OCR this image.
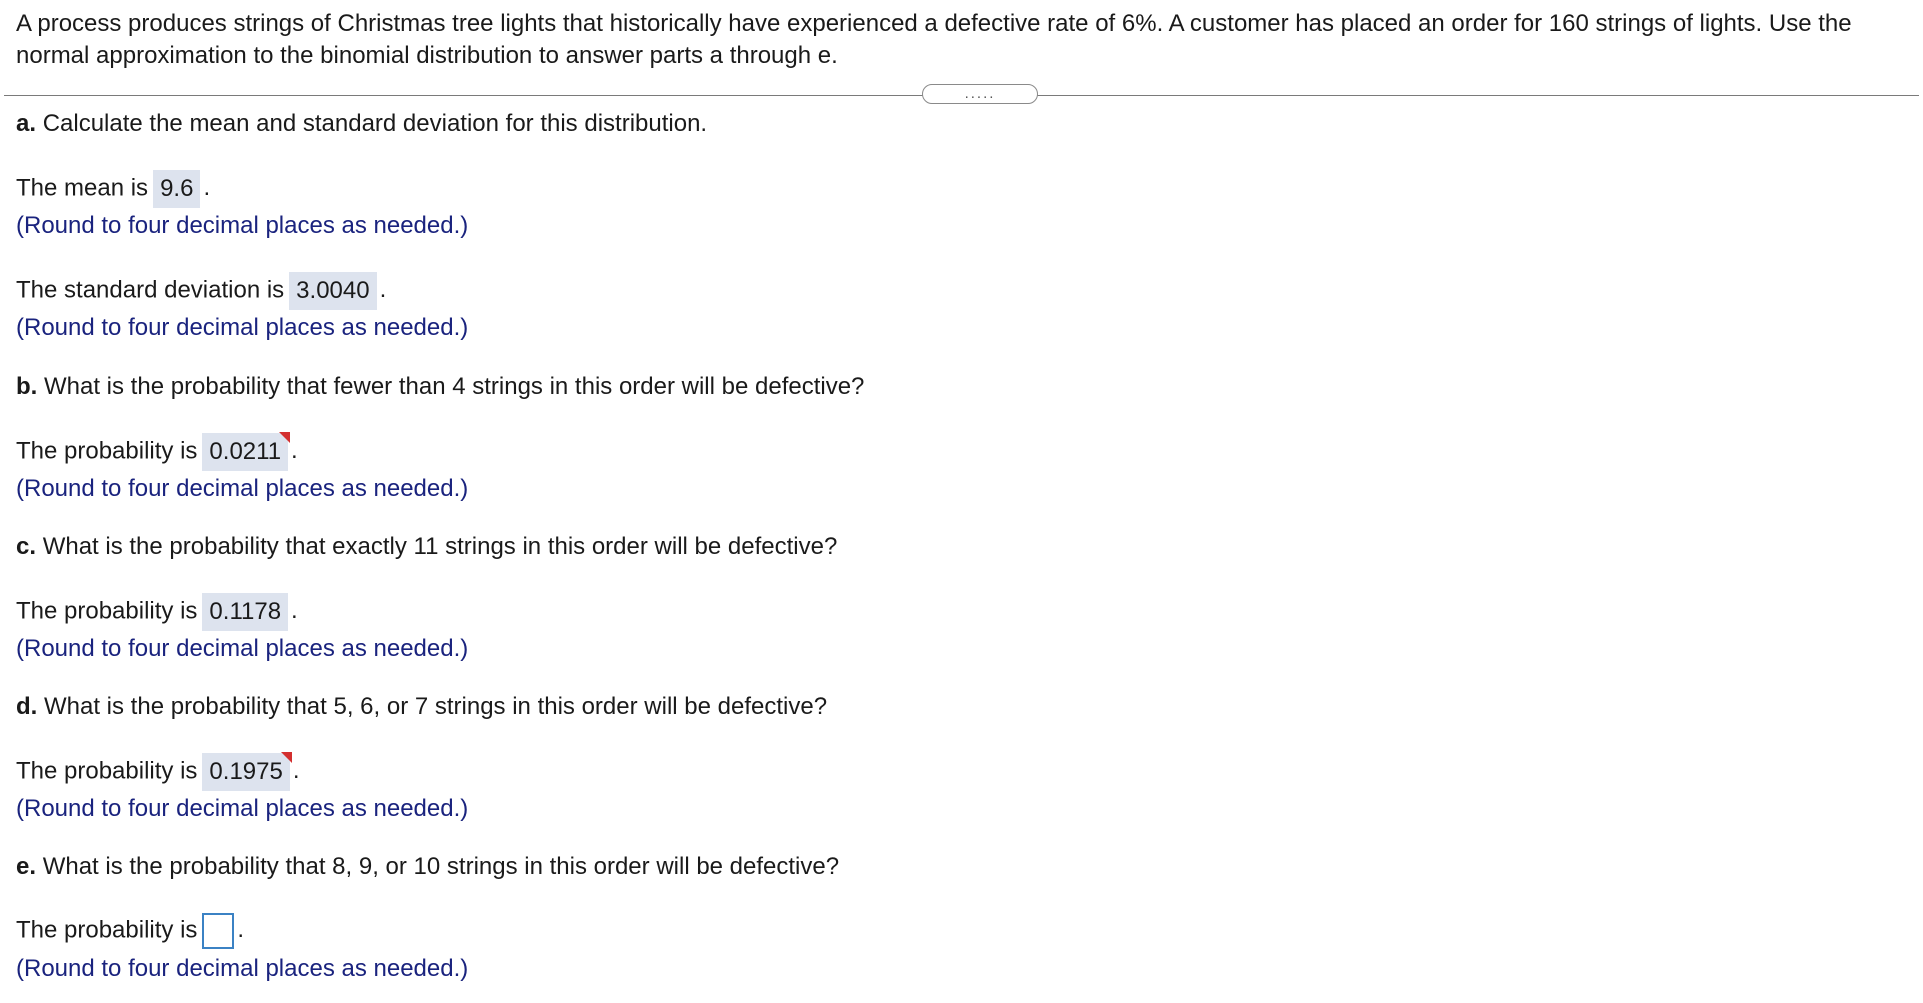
A process produces strings of Christmas tree lights that historically have experienced a defective rate of 6%. A customer has placed an order for 160 strings of lights. Use the normal approximation to the binomial distribution to answer parts a through e.

.....
a. Calculate the mean and standard deviation for this distribution.
The mean is 9.6 .
(Round to four decimal places as needed.)
The standard deviation is 3.0040 .
(Round to four decimal places as needed.)
b. What is the probability that fewer than 4 strings in this order will be defective?
The probability is 0.0211 .
(Round to four decimal places as needed.)
c. What is the probability that exactly 11 strings in this order will be defective?
The probability is 0.1178 .
(Round to four decimal places as needed.)
d. What is the probability that 5, 6, or 7 strings in this order will be defective?
The probability is 0.1975 .
(Round to four decimal places as needed.)
e. What is the probability that 8, 9, or 10 strings in this order will be defective?
The probability is .
(Round to four decimal places as needed.)
